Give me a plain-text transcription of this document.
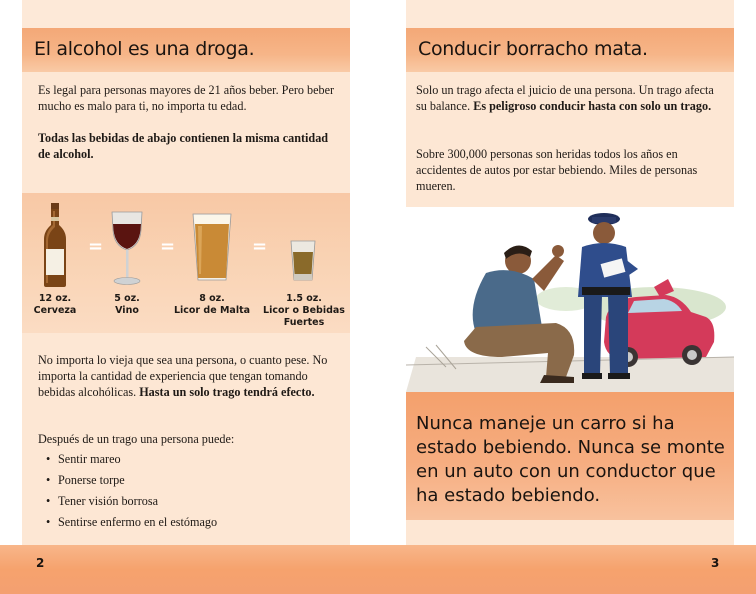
El alcohol es una droga.

Es legal para personas mayores de 21 años beber. Pero beber mucho es malo para ti, no importa tu edad.

Todas las bebidas de abajo contienen la misma cantidad de alcohol.

=	=	=
12 oz.
Cerveza
5 oz.
Vino
8 oz.
Licor de Malta
1.5 oz.
Licor o Bebidas Fuertes

No importa lo vieja que sea una persona, o cuanto pese. No importa la cantidad de experiencia que tengan tomando bebidas alcohólicas. Hasta un solo trago tendrá efecto.

Después de un trago una persona puede:

• Sentir mareo
• Ponerse torpe
• Tener visión borrosa
• Sentirse enfermo en el estómago
Conducir borracho mata.

Solo un trago afecta el juicio de una persona. Un trago afecta su balance. Es peligroso conducir hasta con solo un trago.

Sobre 300,000 personas son heridas todos los años en accidentes de autos por estar bebiendo. Miles de personas mueren.

Nunca maneje un carro si ha estado bebiendo. Nunca se monte en un auto con un conductor que ha estado bebiendo.

2	3
